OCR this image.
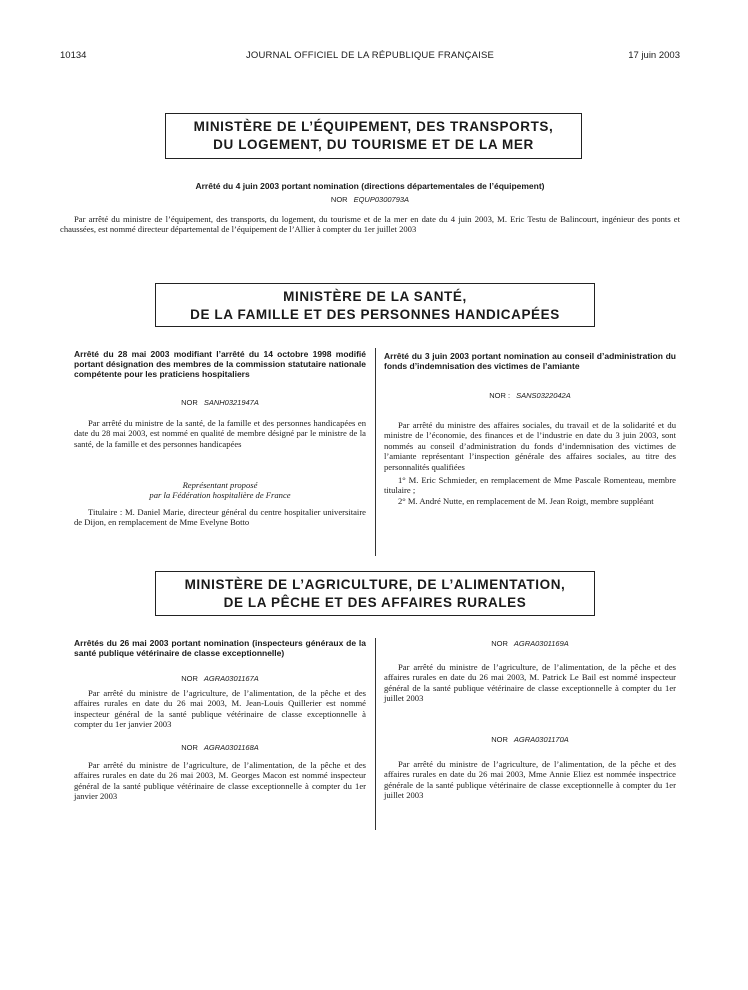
10134	JOURNAL OFFICIEL DE LA RÉPUBLIQUE FRANÇAISE	17 juin 2003
MINISTÈRE DE L’ÉQUIPEMENT, DES TRANSPORTS,
DU LOGEMENT, DU TOURISME ET DE LA MER
Arrêté du 4 juin 2003 portant nomination (directions départementales de l’équipement)
NOR EQUP0300793A

Par arrêté du ministre de l’équipement, des transports, du logement, du tourisme et de la mer en date du 4 juin 2003, M. Eric Testu de Balincourt, ingénieur des ponts et chaussées, est nommé directeur départemental de l’équipement de l’Allier à compter du 1er juillet 2003

MINISTÈRE DE LA SANTÉ,
DE LA FAMILLE ET DES PERSONNES HANDICAPÉES
Arrêté du 28 mai 2003 modifiant l’arrêté du 14 octobre 1998 modifié portant désignation des membres de la commission statutaire nationale compétente pour les praticiens hospitaliers
NOR SANH0321947A

Par arrêté du ministre de la santé, de la famille et des personnes handicapées en date du 28 mai 2003, est nommé en qualité de membre désigné par le ministre de la santé, de la famille et des personnes handicapées

Représentant proposé
par la Fédération hospitalière de France

Titulaire : M. Daniel Marie, directeur général du centre hospitalier universitaire de Dijon, en remplacement de Mme Evelyne Botto

Arrêté du 3 juin 2003 portant nomination au conseil d’administration du fonds d’indemnisation des victimes de l’amiante
NOR : SANS0322042A

Par arrêté du ministre des affaires sociales, du travail et de la solidarité et du ministre de l’économie, des finances et de l’industrie en date du 3 juin 2003, sont nommés au conseil d’administration du fonds d’indemnisation des victimes de l’amiante représentant l’inspection générale des affaires sociales, au titre des personnalités qualifiées

1° M. Eric Schmieder, en remplacement de Mme Pascale Romenteau, membre titulaire ;

2° M. André Nutte, en remplacement de M. Jean Roigt, membre suppléant

MINISTÈRE DE L’AGRICULTURE, DE L’ALIMENTATION,
DE LA PÊCHE ET DES AFFAIRES RURALES
Arrêtés du 26 mai 2003 portant nomination (inspecteurs généraux de la santé publique vétérinaire de classe exceptionnelle)
NOR AGRA0301167A

Par arrêté du ministre de l’agriculture, de l’alimentation, de la pêche et des affaires rurales en date du 26 mai 2003, M. Jean-Louis Quillerier est nommé inspecteur général de la santé publique vétérinaire de classe exceptionnelle à compter du 1er janvier 2003

NOR AGRA0301168A

Par arrêté du ministre de l’agriculture, de l’alimentation, de la pêche et des affaires rurales en date du 26 mai 2003, M. Georges Macon est nommé inspecteur général de la santé publique vétérinaire de classe exceptionnelle à compter du 1er janvier 2003

NOR AGRA0301169A

Par arrêté du ministre de l’agriculture, de l’alimentation, de la pêche et des affaires rurales en date du 26 mai 2003, M. Patrick Le Bail est nommé inspecteur général de la santé publique vétérinaire de classe exceptionnelle à compter du 1er juillet 2003

NOR AGRA0301170A

Par arrêté du ministre de l’agriculture, de l’alimentation, de la pêche et des affaires rurales en date du 26 mai 2003, Mme Annie Eliez est nommée inspectrice générale de la santé publique vétérinaire de classe exceptionnelle à compter du 1er juillet 2003
